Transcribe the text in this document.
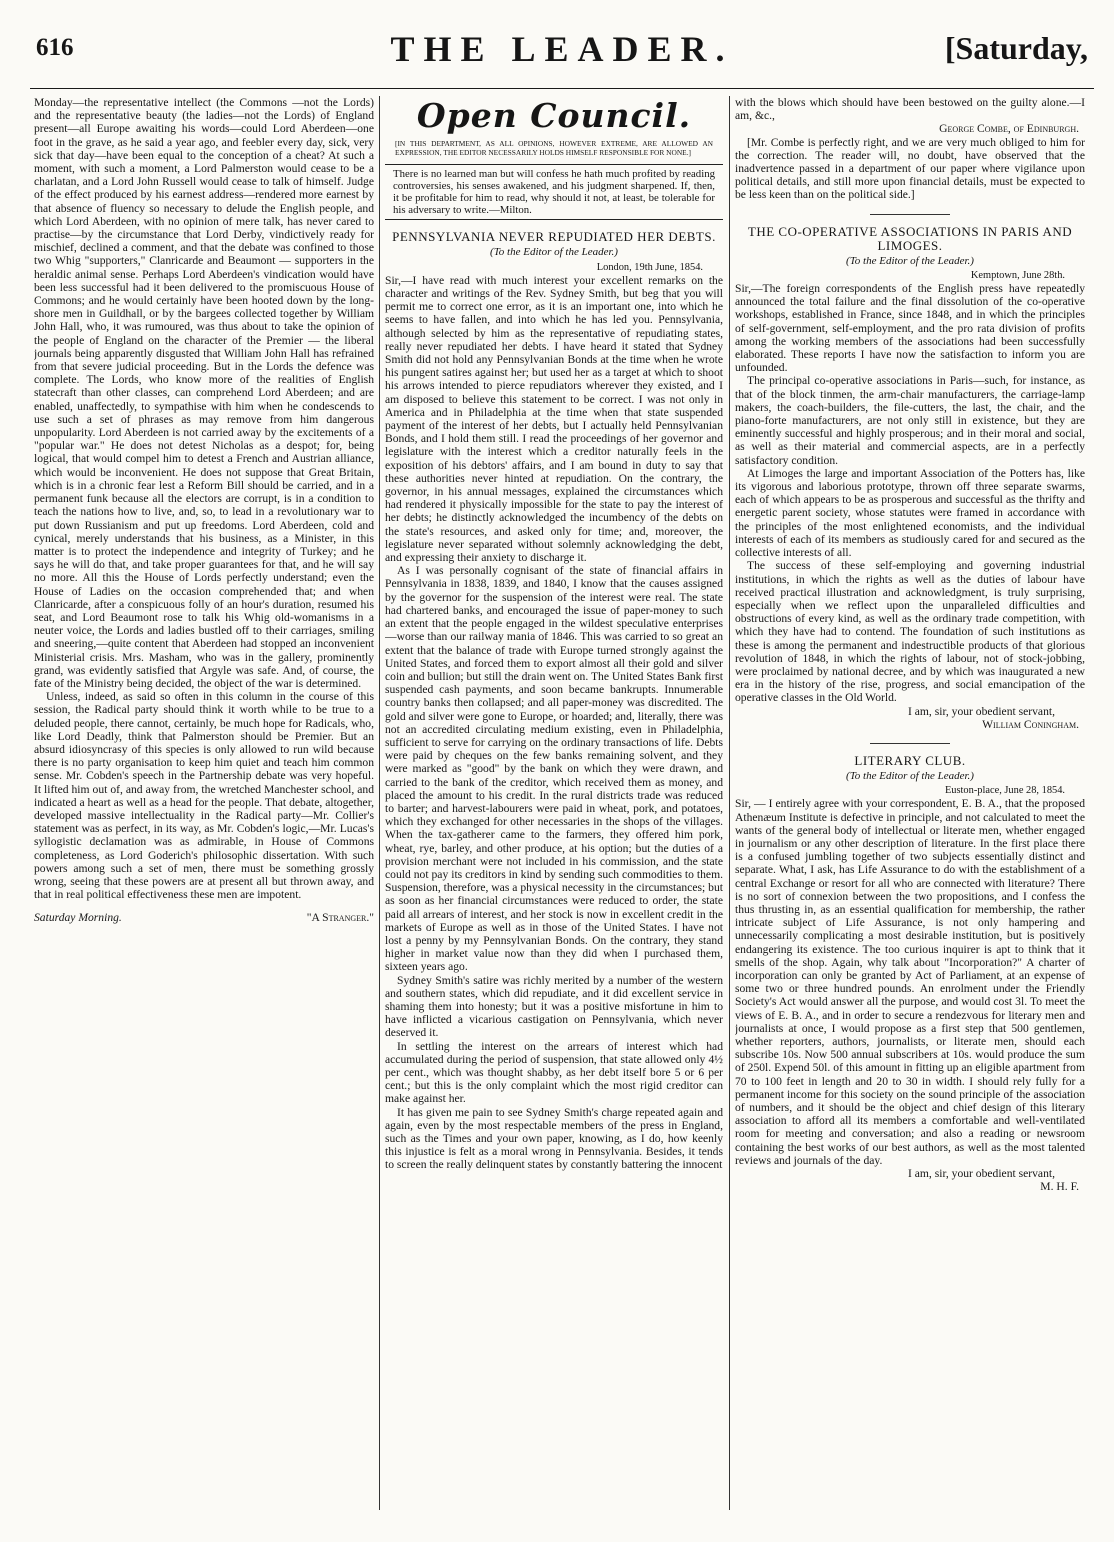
616	THE LEADER.	[Saturday,

Monday—the representative intellect (the Commons —not the Lords) and the representative beauty (the ladies—not the Lords) of England present—all Europe awaiting his words—could Lord Aberdeen—one foot in the grave, as he said a year ago, and feebler every day, sick, very sick that day—have been equal to the conception of a cheat? At such a moment, with such a moment, a Lord Palmerston would cease to be a charlatan, and a Lord John Russell would cease to talk of himself. Judge of the effect produced by his earnest address—rendered more earnest by that absence of fluency so necessary to delude the English people, and which Lord Aberdeen, with no opinion of mere talk, has never cared to practise—by the circumstance that Lord Derby, vindictively ready for mischief, declined a comment, and that the debate was confined to those two Whig "supporters," Clanricarde and Beaumont — supporters in the heraldic animal sense. Perhaps Lord Aberdeen's vindication would have been less successful had it been delivered to the promiscuous House of Commons; and he would certainly have been hooted down by the long-shore men in Guildhall, or by the bargees collected together by William John Hall, who, it was rumoured, was thus about to take the opinion of the people of England on the character of the Premier — the liberal journals being apparently disgusted that William John Hall has refrained from that severe judicial proceeding. But in the Lords the defence was complete. The Lords, who know more of the realities of English statecraft than other classes, can comprehend Lord Aberdeen; and are enabled, unaffectedly, to sympathise with him when he condescends to use such a set of phrases as may remove from him dangerous unpopularity. Lord Aberdeen is not carried away by the excitements of a "popular war." He does not detest Nicholas as a despot; for, being logical, that would compel him to detest a French and Austrian alliance, which would be inconvenient. He does not suppose that Great Britain, which is in a chronic fear lest a Reform Bill should be carried, and in a permanent funk because all the electors are corrupt, is in a condition to teach the nations how to live, and, so, to lead in a revolutionary war to put down Russianism and put up freedoms. Lord Aberdeen, cold and cynical, merely understands that his business, as a Minister, in this matter is to protect the independence and integrity of Turkey; and he says he will do that, and take proper guarantees for that, and he will say no more. All this the House of Lords perfectly understand; even the House of Ladies on the occasion comprehended that; and when Clanricarde, after a conspicuous folly of an hour's duration, resumed his seat, and Lord Beaumont rose to talk his Whig old-womanisms in a neuter voice, the Lords and ladies bustled off to their carriages, smiling and sneering,—quite content that Aberdeen had stopped an inconvenient Ministerial crisis. Mrs. Masham, who was in the gallery, prominently grand, was evidently satisfied that Argyle was safe. And, of course, the fate of the Ministry being decided, the object of the war is determined.

Unless, indeed, as said so often in this column in the course of this session, the Radical party should think it worth while to be true to a deluded people, there cannot, certainly, be much hope for Radicals, who, like Lord Deadly, think that Palmerston should be Premier. But an absurd idiosyncrasy of this species is only allowed to run wild because there is no party organisation to keep him quiet and teach him common sense. Mr. Cobden's speech in the Partnership debate was very hopeful. It lifted him out of, and away from, the wretched Manchester school, and indicated a heart as well as a head for the people. That debate, altogether, developed massive intellectuality in the Radical party—Mr. Collier's statement was as perfect, in its way, as Mr. Cobden's logic,—Mr. Lucas's syllogistic declamation was as admirable, in House of Commons completeness, as Lord Goderich's philosophic dissertation. With such powers among such a set of men, there must be something grossly wrong, seeing that these powers are at present all but thrown away, and that in real political effectiveness these men are impotent.

Saturday Morning.	"A Stranger."
Open Council.
[IN THIS DEPARTMENT, AS ALL OPINIONS, HOWEVER EXTREME, ARE ALLOWED AN EXPRESSION, THE EDITOR NECESSARILY HOLDS HIMSELF RESPONSIBLE FOR NONE.]
There is no learned man but will confess he hath much profited by reading controversies, his senses awakened, and his judgment sharpened. If, then, it be profitable for him to read, why should it not, at least, be tolerable for his adversary to write.—Milton.
PENNSYLVANIA NEVER REPUDIATED HER DEBTS.
(To the Editor of the Leader.)
London, 19th June, 1854.

Sir,—I have read with much interest your excellent remarks on the character and writings of the Rev. Sydney Smith, but beg that you will permit me to correct one error, as it is an important one, into which he seems to have fallen, and into which he has led you. Pennsylvania, although selected by him as the representative of repudiating states, really never repudiated her debts. I have heard it stated that Sydney Smith did not hold any Pennsylvanian Bonds at the time when he wrote his pungent satires against her; but used her as a target at which to shoot his arrows intended to pierce repudiators wherever they existed, and I am disposed to believe this statement to be correct. I was not only in America and in Philadelphia at the time when that state suspended payment of the interest of her debts, but I actually held Pennsylvanian Bonds, and I hold them still. I read the proceedings of her governor and legislature with the interest which a creditor naturally feels in the exposition of his debtors' affairs, and I am bound in duty to say that these authorities never hinted at repudiation. On the contrary, the governor, in his annual messages, explained the circumstances which had rendered it physically impossible for the state to pay the interest of her debts; he distinctly acknowledged the incumbency of the debts on the state's resources, and asked only for time; and, moreover, the legislature never separated without solemnly acknowledging the debt, and expressing their anxiety to discharge it.

As I was personally cognisant of the state of financial affairs in Pennsylvania in 1838, 1839, and 1840, I know that the causes assigned by the governor for the suspension of the interest were real. The state had chartered banks, and encouraged the issue of paper-money to such an extent that the people engaged in the wildest speculative enterprises —worse than our railway mania of 1846. This was carried to so great an extent that the balance of trade with Europe turned strongly against the United States, and forced them to export almost all their gold and silver coin and bullion; but still the drain went on. The United States Bank first suspended cash payments, and soon became bankrupts. Innumerable country banks then collapsed; and all paper-money was discredited. The gold and silver were gone to Europe, or hoarded; and, literally, there was not an accredited circulating medium existing, even in Philadelphia, sufficient to serve for carrying on the ordinary transactions of life. Debts were paid by cheques on the few banks remaining solvent, and they were marked as "good" by the bank on which they were drawn, and carried to the bank of the creditor, which received them as money, and placed the amount to his credit. In the rural districts trade was reduced to barter; and harvest-labourers were paid in wheat, pork, and potatoes, which they exchanged for other necessaries in the shops of the villages. When the tax-gatherer came to the farmers, they offered him pork, wheat, rye, barley, and other produce, at his option; but the duties of a provision merchant were not included in his commission, and the state could not pay its creditors in kind by sending such commodities to them. Suspension, therefore, was a physical necessity in the circumstances; but as soon as her financial circumstances were reduced to order, the state paid all arrears of interest, and her stock is now in excellent credit in the markets of Europe as well as in those of the United States. I have not lost a penny by my Pennsylvanian Bonds. On the contrary, they stand higher in market value now than they did when I purchased them, sixteen years ago.

Sydney Smith's satire was richly merited by a number of the western and southern states, which did repudiate, and it did excellent service in shaming them into honesty; but it was a positive misfortune in him to have inflicted a vicarious castigation on Pennsylvania, which never deserved it.

In settling the interest on the arrears of interest which had accumulated during the period of suspension, that state allowed only 4½ per cent., which was thought shabby, as her debt itself bore 5 or 6 per cent.; but this is the only complaint which the most rigid creditor can make against her.

It has given me pain to see Sydney Smith's charge repeated again and again, even by the most respectable members of the press in England, such as the Times and your own paper, knowing, as I do, how keenly this injustice is felt as a moral wrong in Pennsylvania. Besides, it tends to screen the really delinquent states by constantly battering the innocent

with the blows which should have been bestowed on the guilty alone.—I am, &c.,

George Combe, of Edinburgh.

[Mr. Combe is perfectly right, and we are very much obliged to him for the correction. The reader will, no doubt, have observed that the inadvertence passed in a department of our paper where vigilance upon political details, and still more upon financial details, must be expected to be less keen than on the political side.]

THE CO-OPERATIVE ASSOCIATIONS IN PARIS AND LIMOGES.
(To the Editor of the Leader.)
Kemptown, June 28th.

Sir,—The foreign correspondents of the English press have repeatedly announced the total failure and the final dissolution of the co-operative workshops, established in France, since 1848, and in which the principles of self-government, self-employment, and the pro rata division of profits among the working members of the associations had been successfully elaborated. These reports I have now the satisfaction to inform you are unfounded.

The principal co-operative associations in Paris—such, for instance, as that of the block tinmen, the arm-chair manufacturers, the carriage-lamp makers, the coach-builders, the file-cutters, the last, the chair, and the piano-forte manufacturers, are not only still in existence, but they are eminently successful and highly prosperous; and in their moral and social, as well as their material and commercial aspects, are in a perfectly satisfactory condition.

At Limoges the large and important Association of the Potters has, like its vigorous and laborious prototype, thrown off three separate swarms, each of which appears to be as prosperous and successful as the thrifty and energetic parent society, whose statutes were framed in accordance with the principles of the most enlightened economists, and the individual interests of each of its members as studiously cared for and secured as the collective interests of all.

The success of these self-employing and governing industrial institutions, in which the rights as well as the duties of labour have received practical illustration and acknowledgment, is truly surprising, especially when we reflect upon the unparalleled difficulties and obstructions of every kind, as well as the ordinary trade competition, with which they have had to contend. The foundation of such institutions as these is among the permanent and indestructible products of that glorious revolution of 1848, in which the rights of labour, not of stock-jobbing, were proclaimed by national decree, and by which was inaugurated a new era in the history of the rise, progress, and social emancipation of the operative classes in the Old World.

I am, sir, your obedient servant,
William Coningham.
LITERARY CLUB.
(To the Editor of the Leader.)
Euston-place, June 28, 1854.

Sir, — I entirely agree with your correspondent, E. B. A., that the proposed Athenæum Institute is defective in principle, and not calculated to meet the wants of the general body of intellectual or literate men, whether engaged in journalism or any other description of literature. In the first place there is a confused jumbling together of two subjects essentially distinct and separate. What, I ask, has Life Assurance to do with the establishment of a central Exchange or resort for all who are connected with literature? There is no sort of connexion between the two propositions, and I confess the thus thrusting in, as an essential qualification for membership, the rather intricate subject of Life Assurance, is not only hampering and unnecessarily complicating a most desirable institution, but is positively endangering its existence. The too curious inquirer is apt to think that it smells of the shop. Again, why talk about "Incorporation?" A charter of incorporation can only be granted by Act of Parliament, at an expense of some two or three hundred pounds. An enrolment under the Friendly Society's Act would answer all the purpose, and would cost 3l. To meet the views of E. B. A., and in order to secure a rendezvous for literary men and journalists at once, I would propose as a first step that 500 gentlemen, whether reporters, authors, journalists, or literate men, should each subscribe 10s. Now 500 annual subscribers at 10s. would produce the sum of 250l. Expend 50l. of this amount in fitting up an eligible apartment from 70 to 100 feet in length and 20 to 30 in width. I should rely fully for a permanent income for this society on the sound principle of the association of numbers, and it should be the object and chief design of this literary association to afford all its members a comfortable and well-ventilated room for meeting and conversation; and also a reading or newsroom containing the best works of our best authors, as well as the most talented reviews and journals of the day.

I am, sir, your obedient servant,
M. H. F.
